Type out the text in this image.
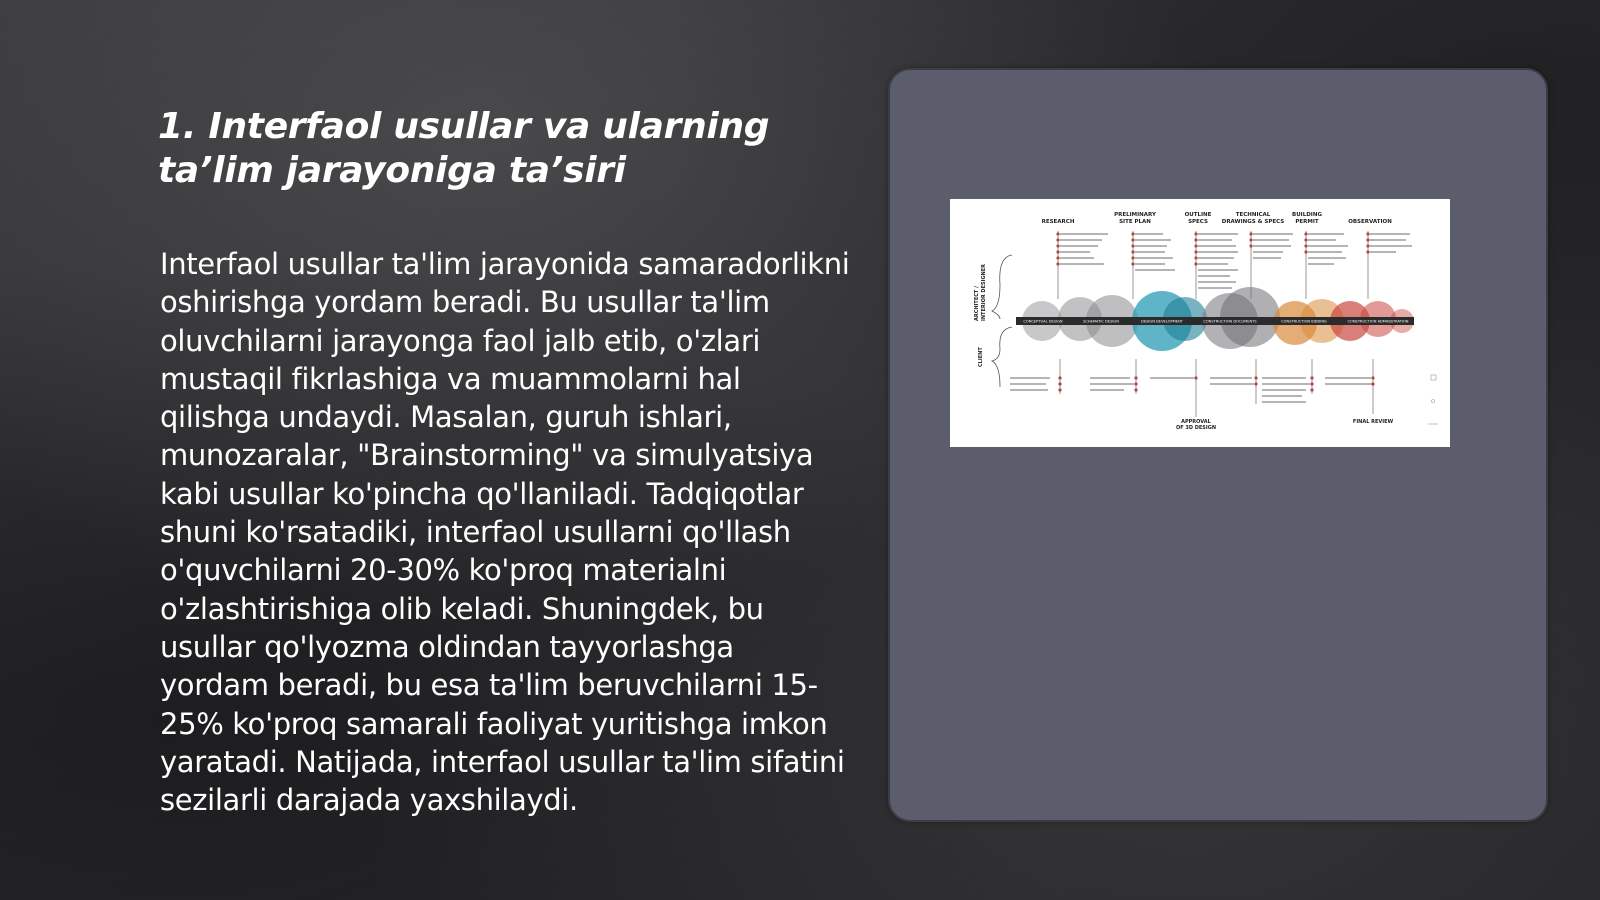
1. Interfaol usullar va ularning ta’lim jarayoniga ta’siri

Interfaol usullar ta'lim jarayonida samaradorlikni oshirishga yordam beradi. Bu usullar ta'lim oluvchilarni jarayonga faol jalb etib, o'zlari mustaqil fikrlashiga va muammolarni hal qilishga undaydi. Masalan, guruh ishlari, munozaralar, "Brainstorming" va simulyatsiya kabi usullar ko'pincha qo'llaniladi. Tadqiqotlar shuni ko'rsatadiki, interfaol usullarni qo'llash o'quvchilarni 20-30% ko'proq materialni o'zlashtirishiga olib keladi. Shuningdek, bu usullar qo'lyozma oldindan tayyorlashga yordam beradi, bu esa ta'lim beruvchilarni 15-25% ko'proq samarali faoliyat yuritishga imkon yaratadi. Natijada, interfaol usullar ta'lim sifatini sezilarli darajada yaxshilaydi.

RESEARCH
PRELIMINARY
SITE PLAN
OUTLINE
SPECS
TECHNICAL
DRAWINGS & SPECS
BUILDING
PERMIT	OBSERVATION
ARCHITECT / INTERIOR DESIGNER
CLIENT
CONCEPTUAL DESIGN	SCHEMATIC DESIGN	DESIGN DEVELOPMENT	CONSTRUCTION DOCUMENTS	CONSTRUCTION BIDDING	CONSTRUCTION ADMINISTRATION
APPROVAL
OF 3D DESIGN
FINAL REVIEW
